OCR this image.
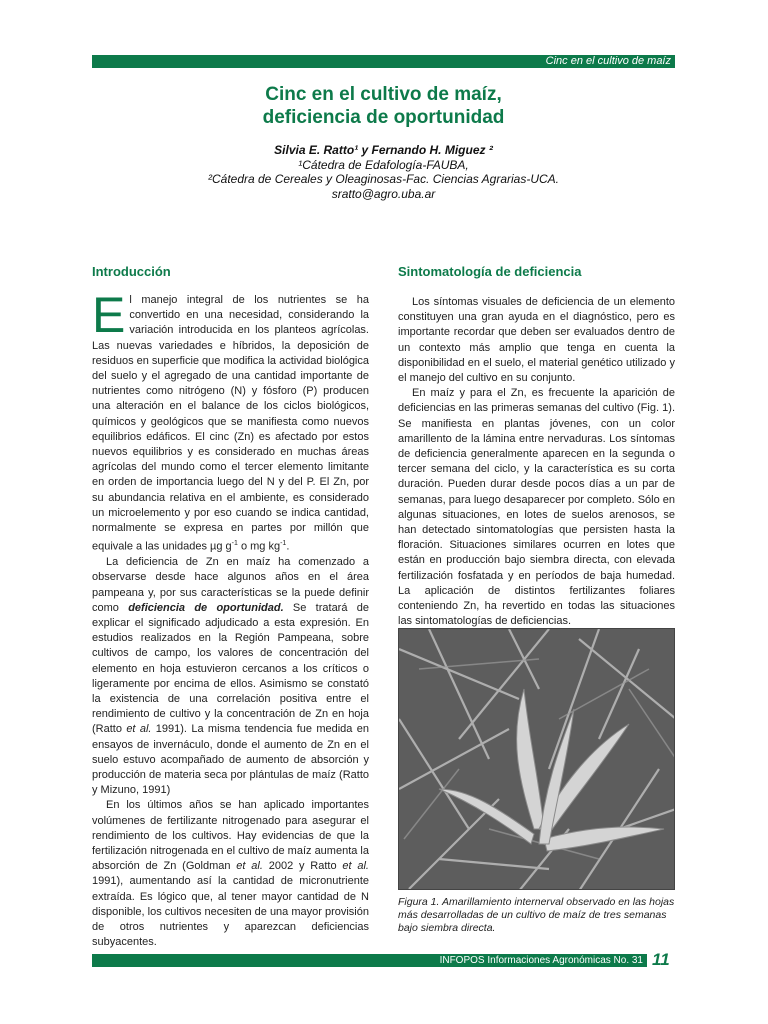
Cinc en el cultivo de maíz
Cinc en el cultivo de maíz,
deficiencia de oportunidad
Silvia E. Ratto¹ y Fernando H. Miguez ²
¹Cátedra de Edafología-FAUBA,
²Cátedra de Cereales y Oleaginosas-Fac. Ciencias Agrarias-UCA.
sratto@agro.uba.ar
Introducción	Sintomatología de deficiencia

El manejo integral de los nutrientes se ha convertido en una necesidad, considerando la variación introducida en los planteos agrícolas. Las nuevas variedades e híbridos, la deposición de residuos en superficie que modifica la actividad biológica del suelo y el agregado de una cantidad importante de nutrientes como nitrógeno (N) y fósforo (P) producen una alteración en el balance de los ciclos biológicos, químicos y geológicos que se manifiesta como nuevos equilibrios edáficos. El cinc (Zn) es afectado por estos nuevos equilibrios y es considerado en muchas áreas agrícolas del mundo como el tercer elemento limitante en orden de importancia luego del N y del P. El Zn, por su abundancia relativa en el ambiente, es considerado un microelemento y por eso cuando se indica cantidad, normalmente se expresa en partes por millón que equivale a las unidades µg $g^{-1}$ o mg $kg^{-1}$.

La deficiencia de Zn en maíz ha comenzado a observarse desde hace algunos años en el área pampeana y, por sus características se la puede definir como deficiencia de oportunidad. Se tratará de explicar el significado adjudicado a esta expresión. En estudios realizados en la Región Pampeana, sobre cultivos de campo, los valores de concentración del elemento en hoja estuvieron cercanos a los críticos o ligeramente por encima de ellos. Asimismo se constató la existencia de una correlación positiva entre el rendimiento de cultivo y la concentración de Zn en hoja (Ratto et al. 1991). La misma tendencia fue medida en ensayos de invernáculo, donde el aumento de Zn en el suelo estuvo acompañado de aumento de absorción y producción de materia seca por plántulas de maíz (Ratto y Mizuno, 1991)

En los últimos años se han aplicado importantes volúmenes de fertilizante nitrogenado para asegurar el rendimiento de los cultivos. Hay evidencias de que la fertilización nitrogenada en el cultivo de maíz aumenta la absorción de Zn (Goldman et al. 2002 y Ratto et al. 1991), aumentando así la cantidad de micronutriente extraída. Es lógico que, al tener mayor cantidad de N disponible, los cultivos necesiten de una mayor provisión de otros nutrientes y aparezcan deficiencias subyacentes.

Los síntomas visuales de deficiencia de un elemento constituyen una gran ayuda en el diagnóstico, pero es importante recordar que deben ser evaluados dentro de un contexto más amplio que tenga en cuenta la disponibilidad en el suelo, el material genético utilizado y el manejo del cultivo en su conjunto.

En maíz y para el Zn, es frecuente la aparición de deficiencias en las primeras semanas del cultivo (Fig. 1). Se manifiesta en plantas jóvenes, con un color amarillento de la lámina entre nervaduras. Los síntomas de deficiencia generalmente aparecen en la segunda o tercer semana del ciclo, y la característica es su corta duración. Pueden durar desde pocos días a un par de semanas, para luego desaparecer por completo. Sólo en algunas situaciones, en lotes de suelos arenosos, se han detectado sintomatologías que persisten hasta la floración. Situaciones similares ocurren en lotes que están en producción bajo siembra directa, con elevada fertilización fosfatada y en períodos de baja humedad. La aplicación de distintos fertilizantes foliares conteniendo Zn, ha revertido en todas las situaciones las sintomatologías de deficiencias.

Figura 1. Amarillamiento internerval observado en las hojas más desarrolladas de un cultivo de maíz de tres semanas bajo siembra directa.
INFOPOS Informaciones Agronómicas No. 31 11
